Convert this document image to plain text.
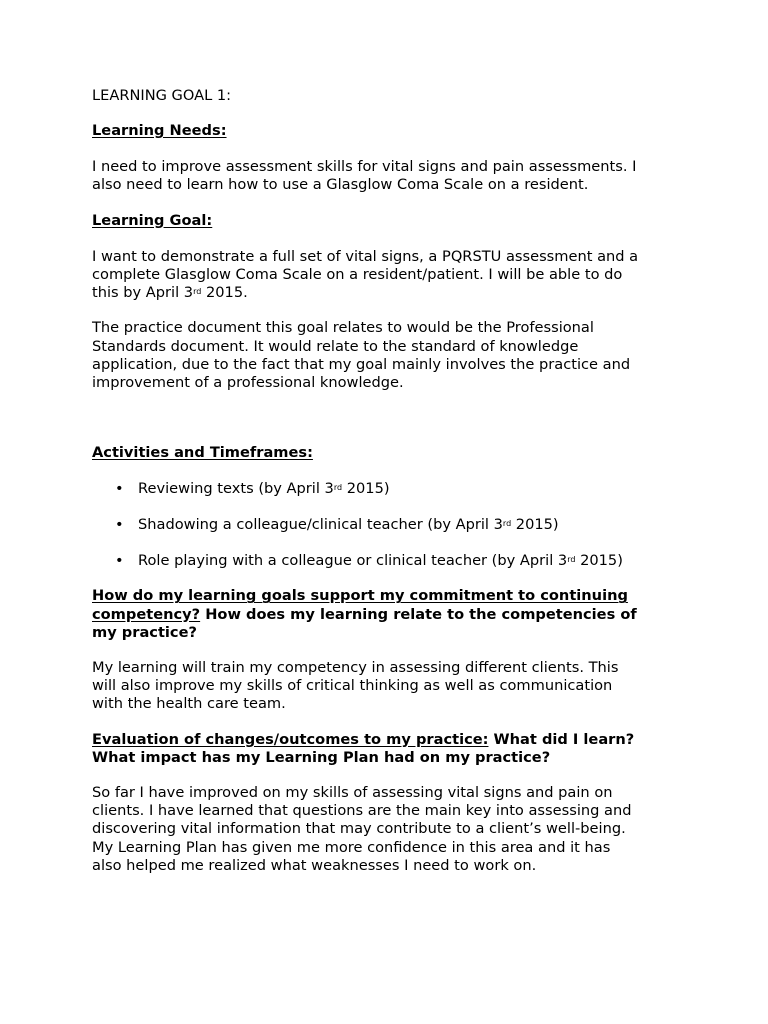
LEARNING GOAL 1:
Learning Needs:

I need to improve assessment skills for vital signs and pain assessments. I

also need to learn how to use a Glasglow Coma Scale on a resident.

Learning Goal:

I want to demonstrate a full set of vital signs, a PQRSTU assessment and a

complete Glasglow Coma Scale on a resident/patient. I will be able to do

this by April 3rd 2015.

The practice document this goal relates to would be the Professional

Standards document. It would relate to the standard of knowledge

application, due to the fact that my goal mainly involves the practice and

improvement of a professional knowledge.

Activities and Timeframes:
• Reviewing texts (by April 3rd 2015)
• Shadowing a colleague/clinical teacher (by April 3rd 2015)
• Role playing with a colleague or clinical teacher (by April 3rd 2015)

How do my learning goals support my commitment to continuing

competency? How does my learning relate to the competencies of

my practice?

My learning will train my competency in assessing different clients. This

will also improve my skills of critical thinking as well as communication

with the health care team.

Evaluation of changes/outcomes to my practice: What did I learn?

What impact has my Learning Plan had on my practice?

So far I have improved on my skills of assessing vital signs and pain on

clients. I have learned that questions are the main key into assessing and

discovering vital information that may contribute to a client’s well-being.

My Learning Plan has given me more confidence in this area and it has

also helped me realized what weaknesses I need to work on.
